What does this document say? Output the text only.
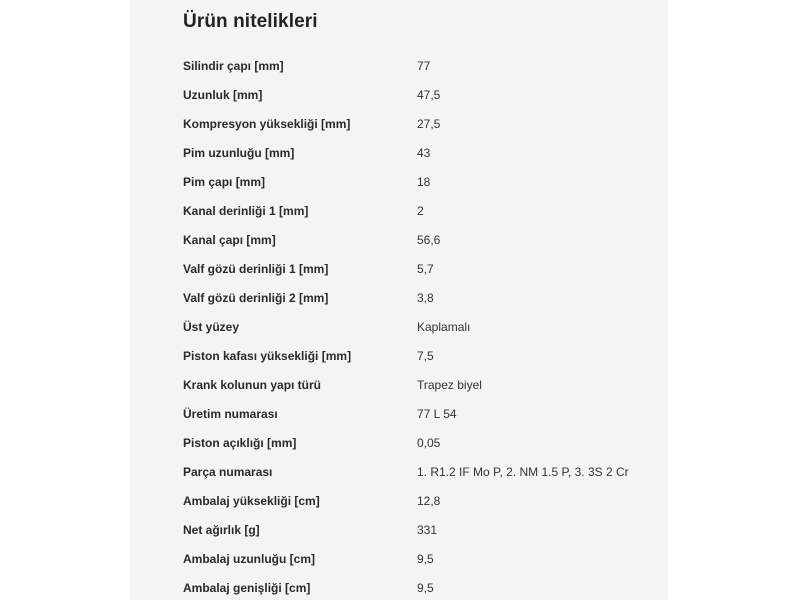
Ürün nitelikleri
Silindir çapı [mm]	77
Uzunluk [mm]	47,5
Kompresyon yüksekliği [mm]	27,5
Pim uzunluğu [mm]	43
Pim çapı [mm]	18
Kanal derinliği 1 [mm]	2
Kanal çapı [mm]	56,6
Valf gözü derinliği 1 [mm]	5,7
Valf gözü derinliği 2 [mm]	3,8
Üst yüzey	Kaplamalı
Piston kafası yüksekliği [mm]	7,5
Krank kolunun yapı türü	Trapez biyel
Üretim numarası	77 L 54
Piston açıklığı [mm]	0,05
Parça numarası	1. R1.2 IF Mo P, 2. NM 1.5 P, 3. 3S 2 Cr
Ambalaj yüksekliği [cm]	12,8
Net ağırlık [g]	331
Ambalaj uzunluğu [cm]	9,5
Ambalaj genişliği [cm]	9,5
